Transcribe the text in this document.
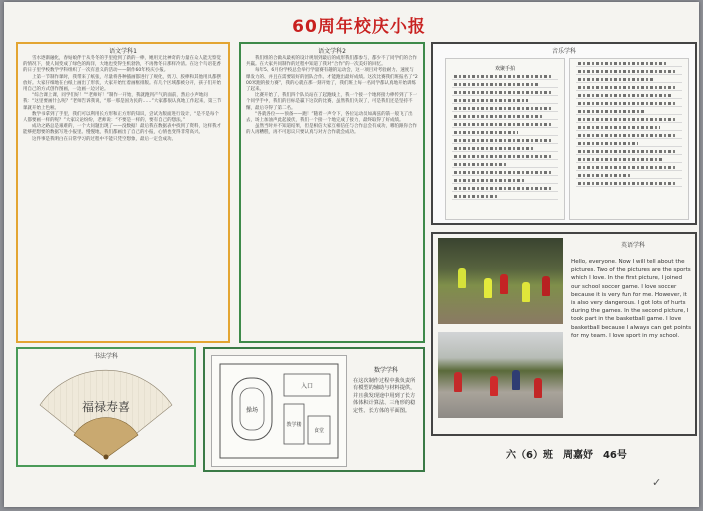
60周年校庆小报
语文学科1

雪水逐渐融化，春姑娘伴于从冬冬的手里抢到了新的一棒，她用无比神奇的力量在众人能无察觉的情况下，使人间变成了绿色的海洋，大地也变得生机勃勃，不再像冬日那样冷清。在这个鸟语花香的日子里学校数学学科组织了一次有意义的活动——制作60年校庆小报。

上第一节制作课时，我带来了纸张，尽量将各种插画都进行了规化，剪刀、胶棒和其他用具都摆放好。大家仔细地在白纸上画出了形状，大家开始忙着画框排版。有几个区域都被分开，孩子们开始用自己的方式创作图画，一边画一边讨论。

“综合课上课，同学们好！”“老师好！”制作一开始，我就跑到产气的面前，然后小声地问我：“这里要画什么呢？”老师告诉我说，“那一那是国为民的……”大家都很认真地工作起来，第三节课就开始上色啦。

数学书拿到了手里，我们可以利用长方形和正方形的知识，尝试为版面进行设计，“是不是每个人都要画一样的呢？”大家议论纷纷，老师说：“不要是一样的，要有自己的想法。”

成功之路总是艰难的，一个大问题出现了——没数据！最后我在数据表中找到了资料，这样我才能够把想要的数据写进小报里。慢慢地，我们都画出了自己的小报，心情也变得非常高兴。

这件事是我明白在日常学习的过程中不能只凭空想象，最后一定会成功。

语文学科2

我们组的合做从最初的设计规划到最后的成形我们都参与，都少不了同学们的合作共赢。在大家共同制作的过程中知道了我对“合作”的一次美好的回忆。

每年5、6月份学校总会举行学量赛有趣的运动会，这一项目对考验耐力、速度与爆发力的、并且在需要较好的团队合作。才能跑出最好成绩。这次比赛我们班报名了“200米跑的接力赛”，我的心就在那一刻开始了，我们班上每一名同学都认真地开始训练了起来。

比赛开始了，我们四个队员站在了起跑线上，我一个接一个地将接力棒传到了下一个同学手中，我们的目标是赢下这次的比赛，虽然我们失误了，可是我们还是坚持不懈，最后夺得了第二名。

“各就各位——预备——跑！”随着一声令下，各位运动员如离弦的箭一般飞了出去，场上加油声此起彼伏，我们一个接一个地完成了接力，最终取得了好成绩。

虽然当时并不知道结果，但是相信大家互相信任与合作总会有成功，哪怕跟你合作的人再糟糕，再不可思议只要认真与对方合作就会成功。

音乐学科
欢聚手拍
英语学科
Hello, everyone. Now I will tell about the pictures. Two of the pictures are the sports which I love. In the first picture, I joined our school soccer game. I love soccer because it is very fun for me. However, it is also very dangerous. I got lots of hurts during the games. In the second picture, I took part in the basketball game. I love basketball because I always can get points for my team. I love sport in my school.
书法学科
福禄寿喜
入口
操场
教学楼
食堂
数学学科
在这次制作过程中我负责所有模型的辅助与材料提供，并且我发现途中用到了长方体体积计算法、三角形的稳定性、长方体的平面图。
六（6）班　周嘉妤　46号
✓
